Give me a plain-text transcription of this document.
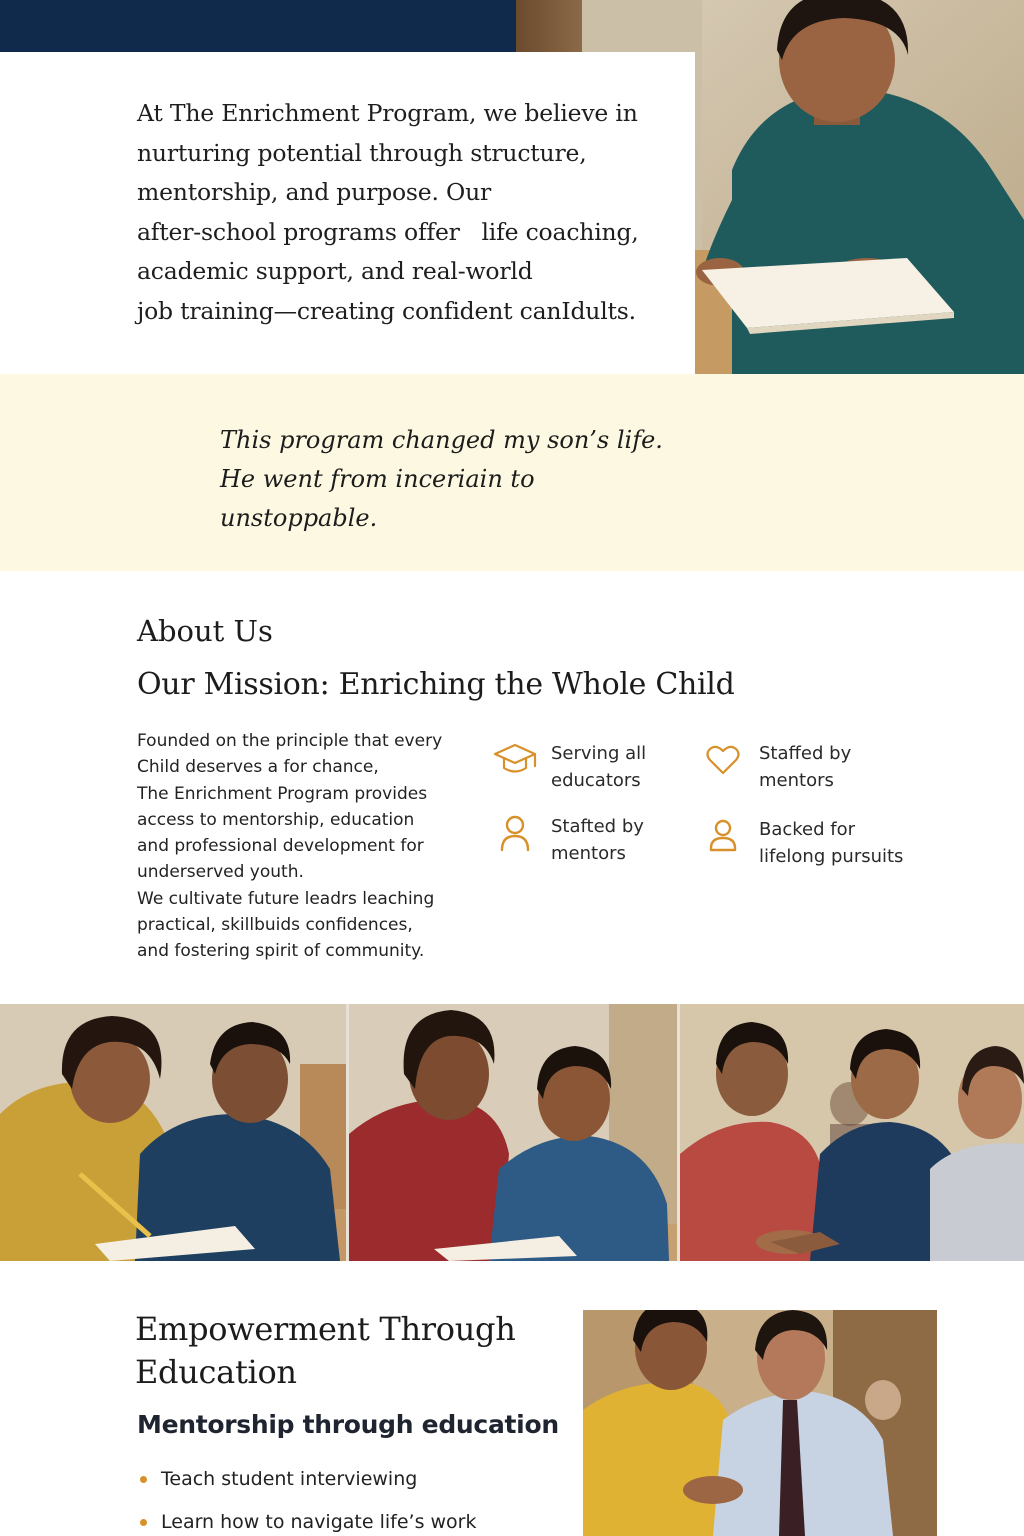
At The Enrichment Program, we believe in
nurturing potential through structure,
mentorship, and purpose. Our
after-school programs offer   life coaching,
academic support, and real-world
job training—creating confident canIdults.
This program changed my son’s life.
He went from inceriain to
unstoppable.
About Us
Our Mission: Enriching the Whole Child
Founded on the principle that every
Child deserves a for chance,
The Enrichment Program provides
access to mentorship, education
and professional development for
underserved youth.
We cultivate future leadrs leaching
practical, skillbuids confidences,
and fostering spirit of community.
Serving all
educators
Staffed by
mentors
Stafted by
mentors
Backed for
lifelong pursuits
Empowerment Through
Education
Mentorship through education
Teach student interviewing
Learn how to navigate life’s work
